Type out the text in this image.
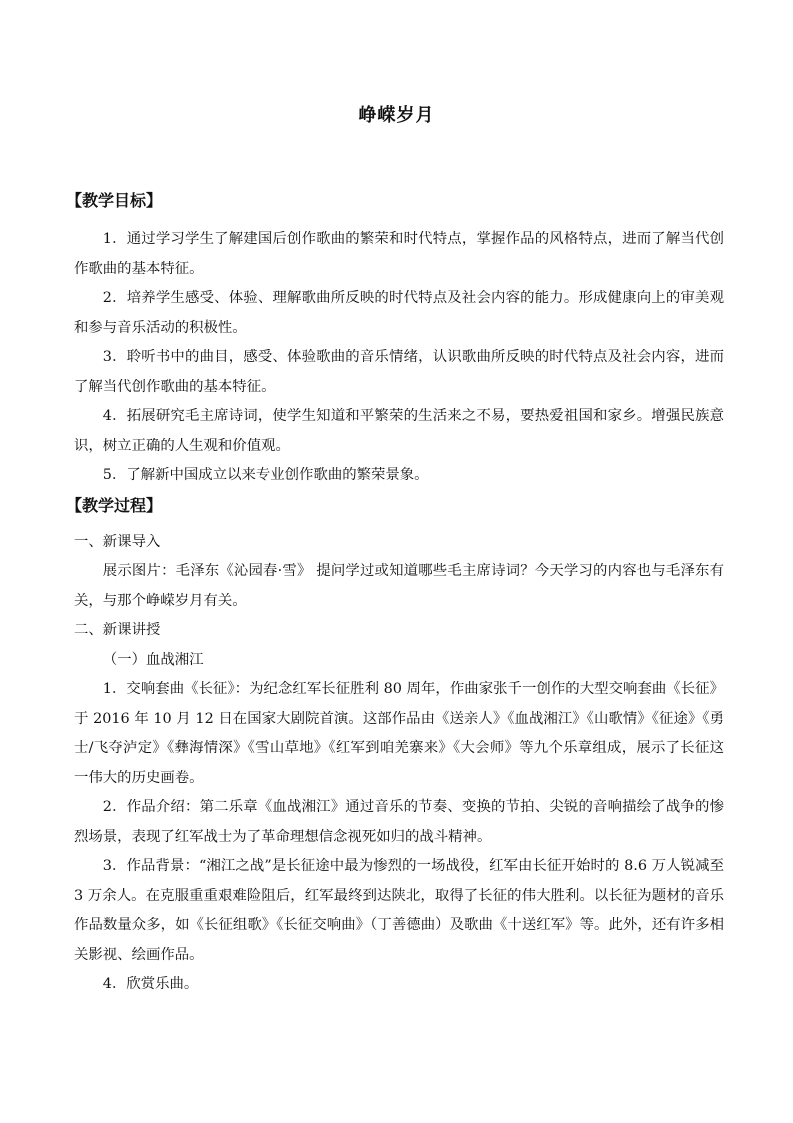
峥嵘岁月
【教学目标】

1．通过学习学生了解建国后创作歌曲的繁荣和时代特点，掌握作品的风格特点，进而了解当代创作歌曲的基本特征。

2．培养学生感受、体验、理解歌曲所反映的时代特点及社会内容的能力。形成健康向上的审美观和参与音乐活动的积极性。

3．聆听书中的曲目，感受、体验歌曲的音乐情绪，认识歌曲所反映的时代特点及社会内容，进而了解当代创作歌曲的基本特征。

4．拓展研究毛主席诗词，使学生知道和平繁荣的生活来之不易，要热爱祖国和家乡。增强民族意识，树立正确的人生观和价值观。

5．了解新中国成立以来专业创作歌曲的繁荣景象。

【教学过程】

一、新课导入

展示图片：毛泽东《沁园春·雪》 提问学过或知道哪些毛主席诗词？今天学习的内容也与毛泽东有关，与那个峥嵘岁月有关。

二、新课讲授

（一）血战湘江

1．交响套曲《长征》：为纪念红军长征胜利 80 周年，作曲家张千一创作的大型交响套曲《长征》于 2016 年 10 月 12 日在国家大剧院首演。这部作品由《送亲人》《血战湘江》《山歌情》《征途》《勇士/飞夺泸定》《彝海情深》《雪山草地》《红军到咱羌寨来》《大会师》等九个乐章组成，展示了长征这一伟大的历史画卷。

2．作品介绍：第二乐章《血战湘江》通过音乐的节奏、变换的节拍、尖锐的音响描绘了战争的惨烈场景，表现了红军战士为了革命理想信念视死如归的战斗精神。

3．作品背景：“湘江之战”是长征途中最为惨烈的一场战役，红军由长征开始时的 8.6 万人锐减至 3 万余人。在克服重重艰难险阻后，红军最终到达陕北，取得了长征的伟大胜利。以长征为题材的音乐作品数量众多，如《长征组歌》《长征交响曲》（丁善德曲）及歌曲《十送红军》等。此外，还有许多相关影视、绘画作品。

4．欣赏乐曲。
